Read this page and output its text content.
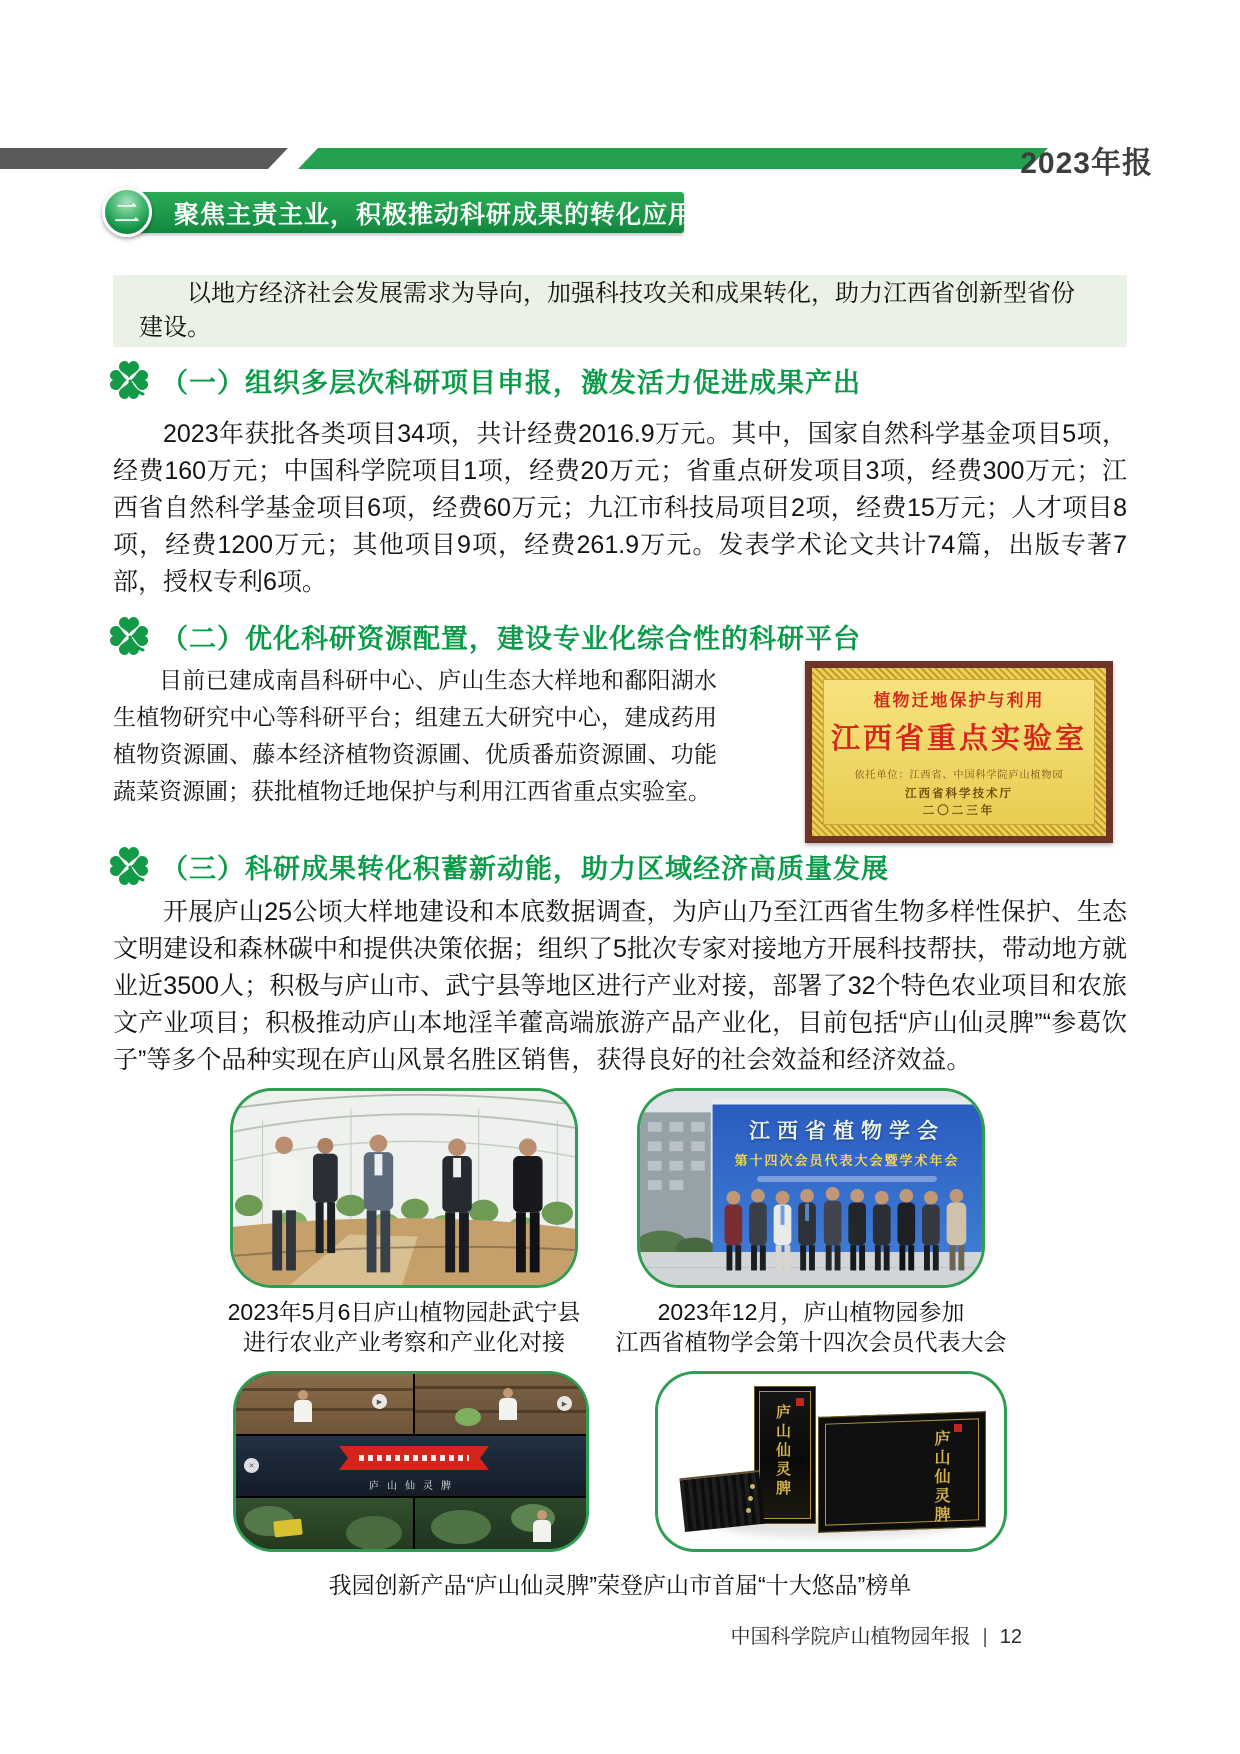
2023年报
聚焦主责主业，积极推动科研成果的转化应用
二

以地方经济社会发展需求为导向，加强科技攻关和成果转化，助力江西省创新型省份建设。

（一）组织多层次科研项目申报，激发活力促进成果产出

2023年获批各类项目34项，共计经费2016.9万元。其中，国家自然科学基金项目5项，经费160万元；中国科学院项目1项，经费20万元；省重点研发项目3项，经费300万元；江西省自然科学基金项目6项，经费60万元；九江市科技局项目2项，经费15万元；人才项目8项，经费1200万元；其他项目9项，经费261.9万元。发表学术论文共计74篇，出版专著7部，授权专利6项。

（二）优化科研资源配置，建设专业化综合性的科研平台

目前已建成南昌科研中心、庐山生态大样地和鄱阳湖水生植物研究中心等科研平台；组建五大研究中心，建成药用植物资源圃、藤本经济植物资源圃、优质番茄资源圃、功能蔬菜资源圃；获批植物迁地保护与利用江西省重点实验室。

植物迁地保护与利用
江西省重点实验室
依托单位：江西省、中国科学院庐山植物园
江西省科学技术厅
二〇二三年
（三）科研成果转化积蓄新动能，助力区域经济高质量发展

开展庐山25公顷大样地建设和本底数据调查，为庐山乃至江西省生物多样性保护、生态文明建设和森林碳中和提供决策依据；组织了5批次专家对接地方开展科技帮扶，带动地方就业近3500人；积极与庐山市、武宁县等地区进行产业对接，部署了32个特色农业项目和农旅文产业项目；积极推动庐山本地淫羊藿高端旅游产品产业化，目前包括“庐山仙灵脾”“参葛饮子”等多个品种实现在庐山风景名胜区销售，获得良好的社会效益和经济效益。

江西省植物学会
第十四次会员代表大会暨学术年会
2023年5月6日庐山植物园赴武宁县
进行农业产业考察和产业化对接
2023年12月，庐山植物园参加
江西省植物学会第十四次会员代表大会
▶	▶
庐山仙灵脾
✕	庐山仙灵脾
庐山仙灵脾
我园创新产品“庐山仙灵脾”荣登庐山市首届“十大悠品”榜单
中国科学院庐山植物园年报 | 12
